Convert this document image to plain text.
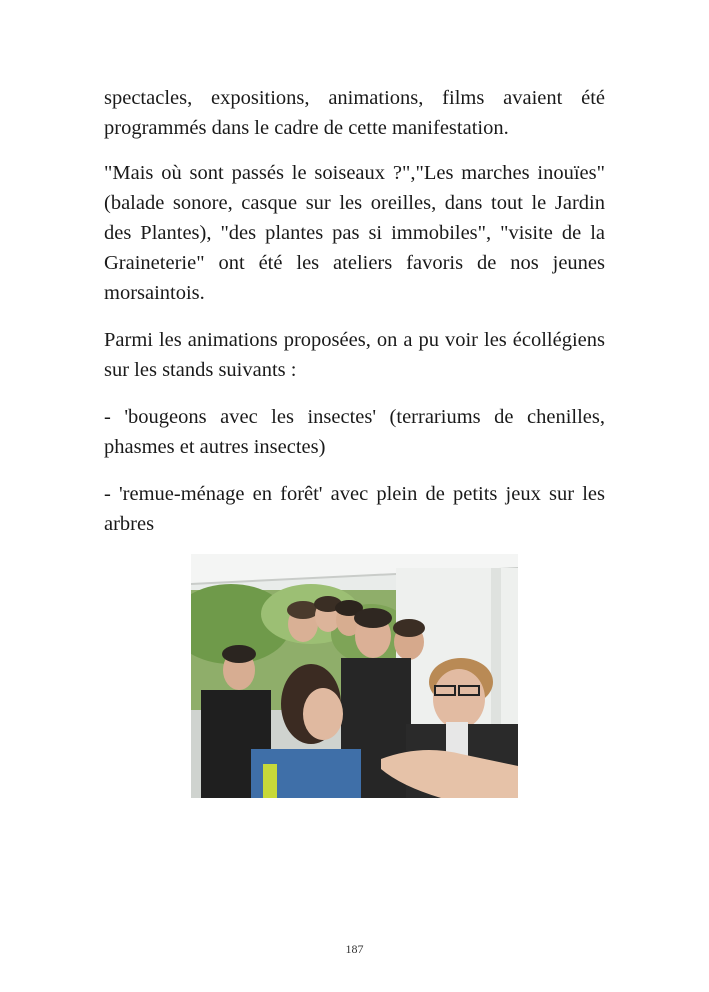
spectacles, expositions, animations, films avaient été programmés dans le cadre de cette manifestation.

"Mais où sont passés le soiseaux ?","Les marches inouïes" (balade sonore, casque sur les oreilles, dans tout le Jardin des Plantes), "des plantes pas si immobiles", "visite de la Graineterie" ont été les ateliers favoris de nos jeunes morsaintois.

Parmi les animations proposées, on a pu voir les écollégiens sur les stands suivants :

- 'bougeons avec les insectes' (terrariums de chenilles, phasmes et autres insectes)

- 'remue-ménage en forêt' avec plein de petits jeux sur les arbres

187
